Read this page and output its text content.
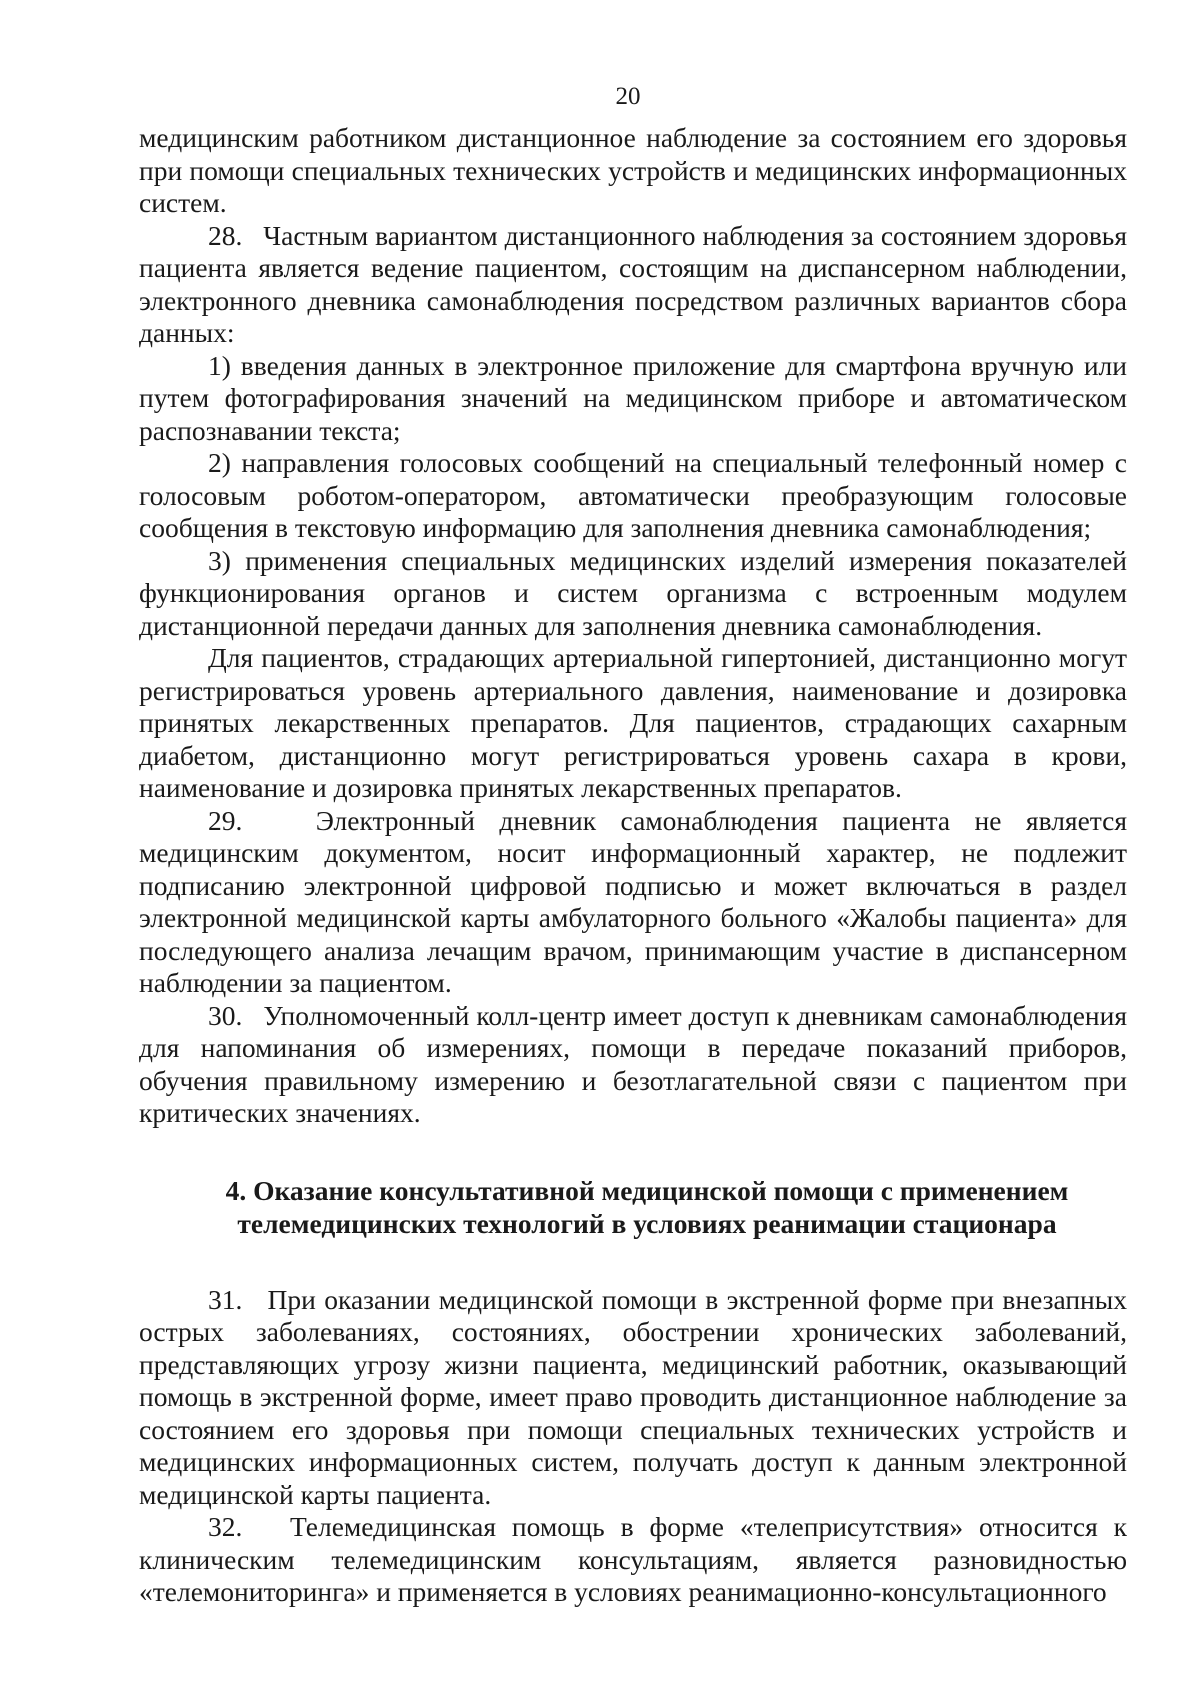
20

медицинским работником дистанционное наблюдение за состоянием его здоровья при помощи специальных технических устройств и медицинских информационных систем.

28.   Частным вариантом дистанционного наблюдения за состоянием здоровья пациента является ведение пациентом, состоящим на диспансерном наблюдении, электронного дневника самонаблюдения посредством различных вариантов сбора данных:

1) введения данных в электронное приложение для смартфона вручную или путем фотографирования значений на медицинском приборе и автоматическом распознавании текста;

2) направления голосовых сообщений на специальный телефонный номер с голосовым роботом-оператором, автоматически преобразующим голосовые сообщения в текстовую информацию для заполнения дневника самонаблюдения;

3) применения специальных медицинских изделий измерения показателей функционирования органов и систем организма с встроенным модулем дистанционной передачи данных для заполнения дневника самонаблюдения.

Для пациентов, страдающих артериальной гипертонией, дистанционно могут регистрироваться уровень артериального давления, наименование и дозировка принятых лекарственных препаратов. Для пациентов, страдающих сахарным диабетом, дистанционно могут регистрироваться уровень сахара в крови, наименование и дозировка принятых лекарственных препаратов.

29.   Электронный дневник самонаблюдения пациента не является медицинским документом, носит информационный характер, не подлежит подписанию электронной цифровой подписью и может включаться в раздел электронной медицинской карты амбулаторного больного «Жалобы пациента» для последующего анализа лечащим врачом, принимающим участие в диспансерном наблюдении за пациентом.

30.   Уполномоченный колл-центр имеет доступ к дневникам самонаблюдения для напоминания об измерениях, помощи в передаче показаний приборов, обучения правильному измерению и безотлагательной связи с пациентом при критических значениях.

4. Оказание консультативной медицинской помощи с применением
телемедицинских технологий в условиях реанимации стационара

31.   При оказании медицинской помощи в экстренной форме при внезапных острых заболеваниях, состояниях, обострении хронических заболеваний, представляющих угрозу жизни пациента, медицинский работник, оказывающий помощь в экстренной форме, имеет право проводить дистанционное наблюдение за состоянием его здоровья при помощи специальных технических устройств и медицинских информационных систем, получать доступ к данным электронной медицинской карты пациента.

32.   Телемедицинская помощь в форме «телеприсутствия» относится к клиническим телемедицинским консультациям, является разновидностью «телемониторинга» и применяется в условиях реанимационно-консультационного
